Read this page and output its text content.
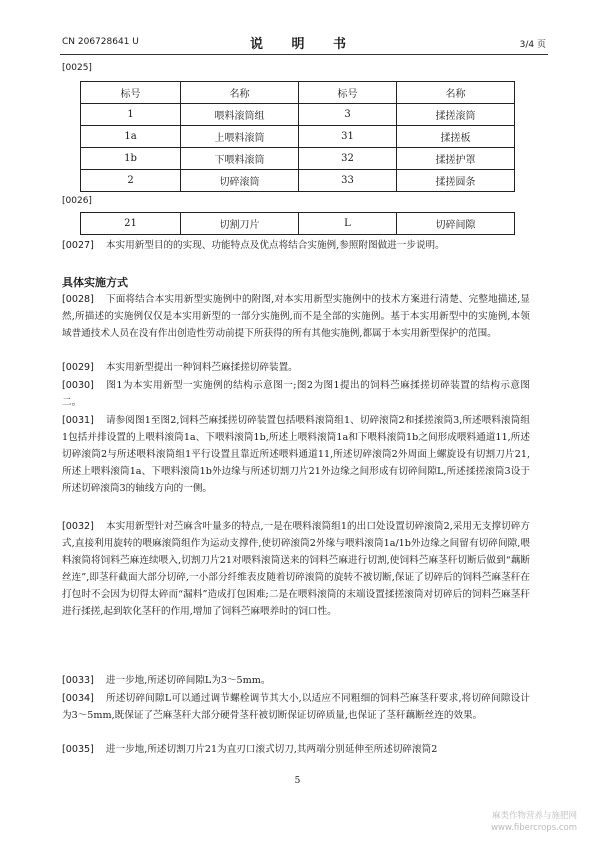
CN 206728641 U	说 明 书	3/4 页
[0025]
标号	名称	标号	名称
1	喂料滚筒组	3	揉搓滚筒
1a	上喂料滚筒	31	揉搓板
1b	下喂料滚筒	32	揉搓护罩
2	切碎滚筒	33	揉搓圆条
[0026]
21	切割刀片	L	切碎间隙
[0027] 本实用新型目的的实现、功能特点及优点将结合实施例,参照附图做进一步说明。
具体实施方式
[0028] 下面将结合本实用新型实施例中的附图,对本实用新型实施例中的技术方案进行清楚、完整地描述,显然,所描述的实施例仅仅是本实用新型的一部分实施例,而不是全部的实施例。基于本实用新型中的实施例,本领域普通技术人员在没有作出创造性劳动前提下所获得的所有其他实施例,都属于本实用新型保护的范围。
[0029] 本实用新型提出一种饲料苎麻揉搓切碎装置。
[0030] 图1为本实用新型一实施例的结构示意图一;图2为图1提出的饲料苎麻揉搓切碎装置的结构示意图二。
[0031] 请参阅图1至图2,饲料苎麻揉搓切碎装置包括喂料滚筒组1、切碎滚筒2和揉搓滚筒3,所述喂料滚筒组1包括并排设置的上喂料滚筒1a、下喂料滚筒1b,所述上喂料滚筒1a和下喂料滚筒1b之间形成喂料通道11,所述切碎滚筒2与所述喂料滚筒组1平行设置且靠近所述喂料通道11,所述切碎滚筒2外周面上螺旋设有切割刀片21,所述上喂料滚筒1a、下喂料滚筒1b外边缘与所述切割刀片21外边缘之间形成有切碎间隙L,所述揉搓滚筒3设于所述切碎滚筒3的轴线方向的一侧。
[0032] 本实用新型针对苎麻含叶量多的特点,一是在喂料滚筒组1的出口处设置切碎滚筒2,采用无支撑切碎方式,直接利用旋转的喂麻滚筒组作为运动支撑件,使切碎滚筒2外缘与喂料滚筒1a/1b外边缘之间留有切碎间隙,喂料滚筒将饲料苎麻连续喂入,切割刀片21对喂料滚筒送来的饲料苎麻进行切割,使饲料苎麻茎秆切断后做到“藕断丝连”,即茎秆截面大部分切碎,一小部分纤维表皮随着切碎滚筒的旋转不被切断,保证了切碎后的饲料苎麻茎秆在打包时不会因为切得太碎而“漏料”造成打包困难;二是在喂料滚筒的末端设置揉搓滚筒对切碎后的饲料苎麻茎秆进行揉搓,起到软化茎秆的作用,增加了饲料苎麻喂养时的饲口性。
[0033] 进一步地,所述切碎间隙L为3～5mm。
[0034] 所述切碎间隙L可以通过调节螺栓调节其大小,以适应不同粗细的饲料苎麻茎秆要求,将切碎间隙设计为3～5mm,既保证了苎麻茎秆大部分硬骨茎秆被切断保证切碎质量,也保证了茎秆藕断丝连的效果。
[0035] 进一步地,所述切割刀片21为直刃口滚式切刀,其两端分别延伸至所述切碎滚筒2
5
麻类作物营养与施肥网
www.fibercrops.com
